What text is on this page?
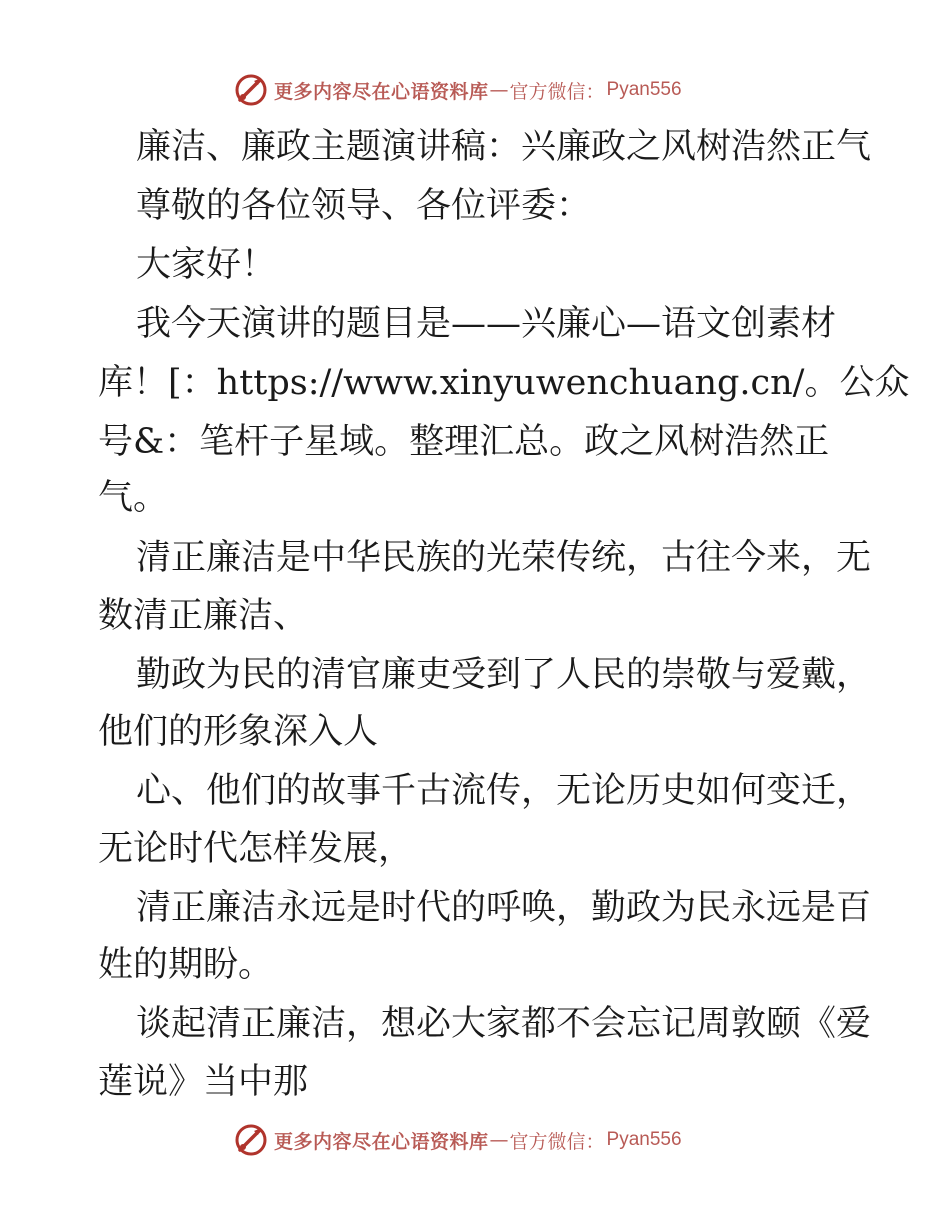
更多内容尽在心语资料库 — 官方微信： Pyan556
廉洁、廉政主题演讲稿：兴廉政之风树浩然正气
尊敬的各位领导、各位评委：
大家好！
我今天演讲的题目是——兴廉心—语文创素材
库！[：https://www.xinyuwenchuang.cn/。公众
号&：笔杆子星域。整理汇总。政之风树浩然正
气。
清正廉洁是中华民族的光荣传统，古往今来，无
数清正廉洁、
勤政为民的清官廉吏受到了人民的崇敬与爱戴，
他们的形象深入人
心、他们的故事千古流传，无论历史如何变迁，
无论时代怎样发展，
清正廉洁永远是时代的呼唤，勤政为民永远是百
姓的期盼。
谈起清正廉洁，想必大家都不会忘记周敦颐《爱
莲说》当中那
更多内容尽在心语资料库 — 官方微信： Pyan556
